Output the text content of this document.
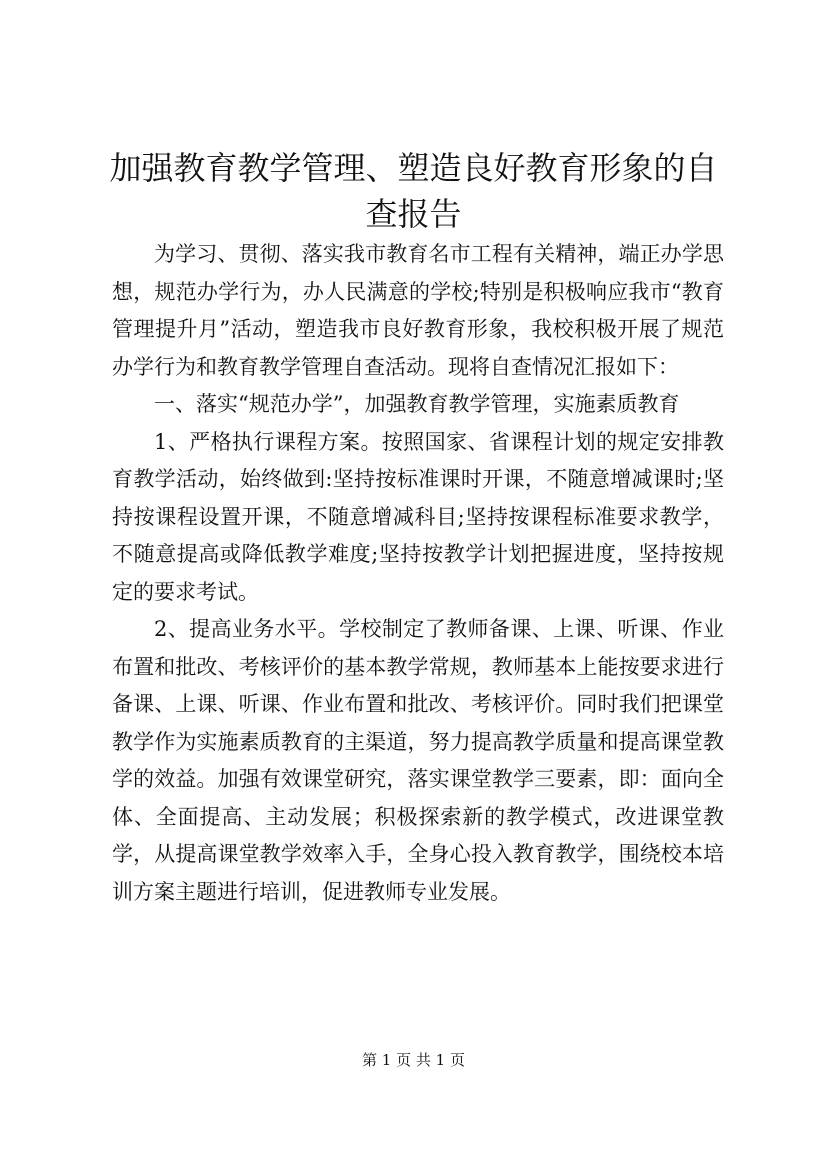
加强教育教学管理、塑造良好教育形象的自查报告

为学习、贯彻、落实我市教育名市工程有关精神，端正办学思想，规范办学行为，办人民满意的学校;特别是积极响应我市“教育管理提升月”活动，塑造我市良好教育形象，我校积极开展了规范办学行为和教育教学管理自查活动。现将自查情况汇报如下：

一、落实“规范办学”，加强教育教学管理，实施素质教育

1、严格执行课程方案。按照国家、省课程计划的规定安排教育教学活动，始终做到:坚持按标准课时开课，不随意增减课时;坚持按课程设置开课，不随意增减科目;坚持按课程标准要求教学，不随意提高或降低教学难度;坚持按教学计划把握进度，坚持按规定的要求考试。

2、提高业务水平。学校制定了教师备课、上课、听课、作业布置和批改、考核评价的基本教学常规，教师基本上能按要求进行备课、上课、听课、作业布置和批改、考核评价。同时我们把课堂教学作为实施素质教育的主渠道，努力提高教学质量和提高课堂教学的效益。加强有效课堂研究，落实课堂教学三要素，即：面向全体、全面提高、主动发展；积极探索新的教学模式，改进课堂教学，从提高课堂教学效率入手，全身心投入教育教学，围绕校本培训方案主题进行培训，促进教师专业发展。

第 1 页 共 1 页
